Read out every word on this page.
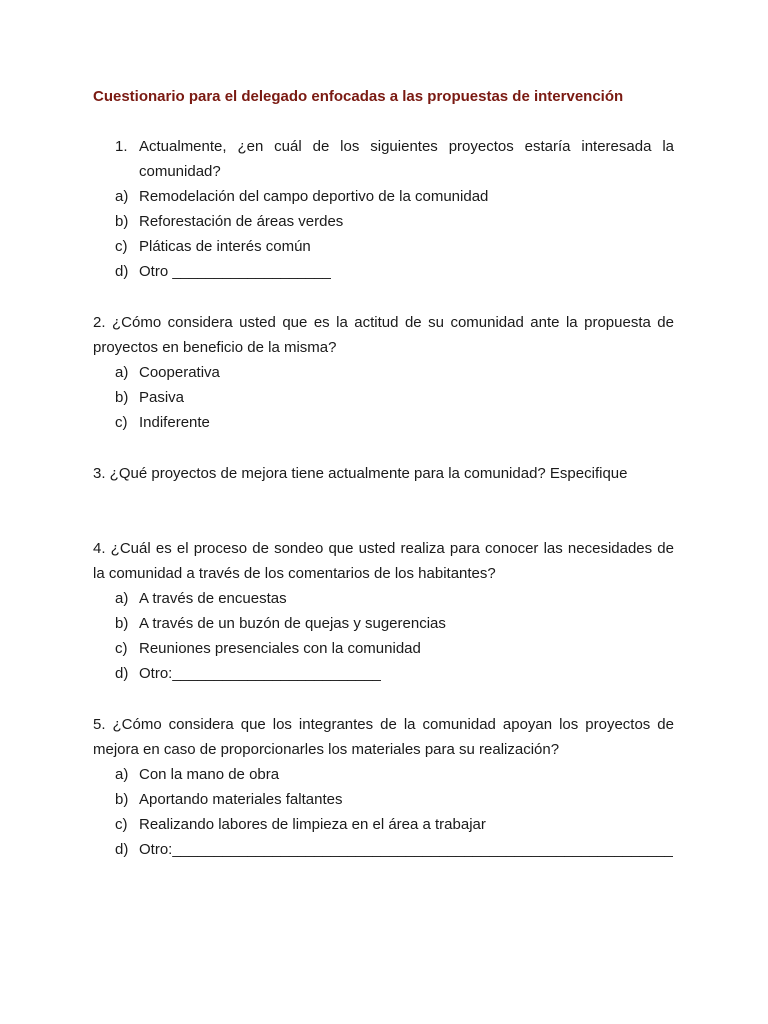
Cuestionario para el delegado enfocadas a las propuestas de intervención
1. Actualmente, ¿en cuál de los siguientes proyectos estaría interesada la comunidad?
a) Remodelación del campo deportivo de la comunidad
b) Reforestación de áreas verdes
c) Pláticas de interés común
d) Otro ___________________
2. ¿Cómo considera usted que es la actitud de su comunidad ante la propuesta de proyectos en beneficio de la misma?
a) Cooperativa
b) Pasiva
c) Indiferente
3. ¿Qué proyectos de mejora tiene actualmente para la comunidad? Especifique
4. ¿Cuál es el proceso de sondeo que usted realiza para conocer las necesidades de la comunidad a través de los comentarios de los habitantes?
a) A través de encuestas
b) A través de un buzón de quejas y sugerencias
c) Reuniones presenciales con la comunidad
d) Otro:_________________________
5. ¿Cómo considera que los integrantes de la comunidad apoyan los proyectos de mejora en caso de proporcionarles los materiales para su realización?
a) Con la mano de obra
b) Aportando materiales faltantes
c) Realizando labores de limpieza en el área a trabajar
d) Otro:____________________________________________________________
